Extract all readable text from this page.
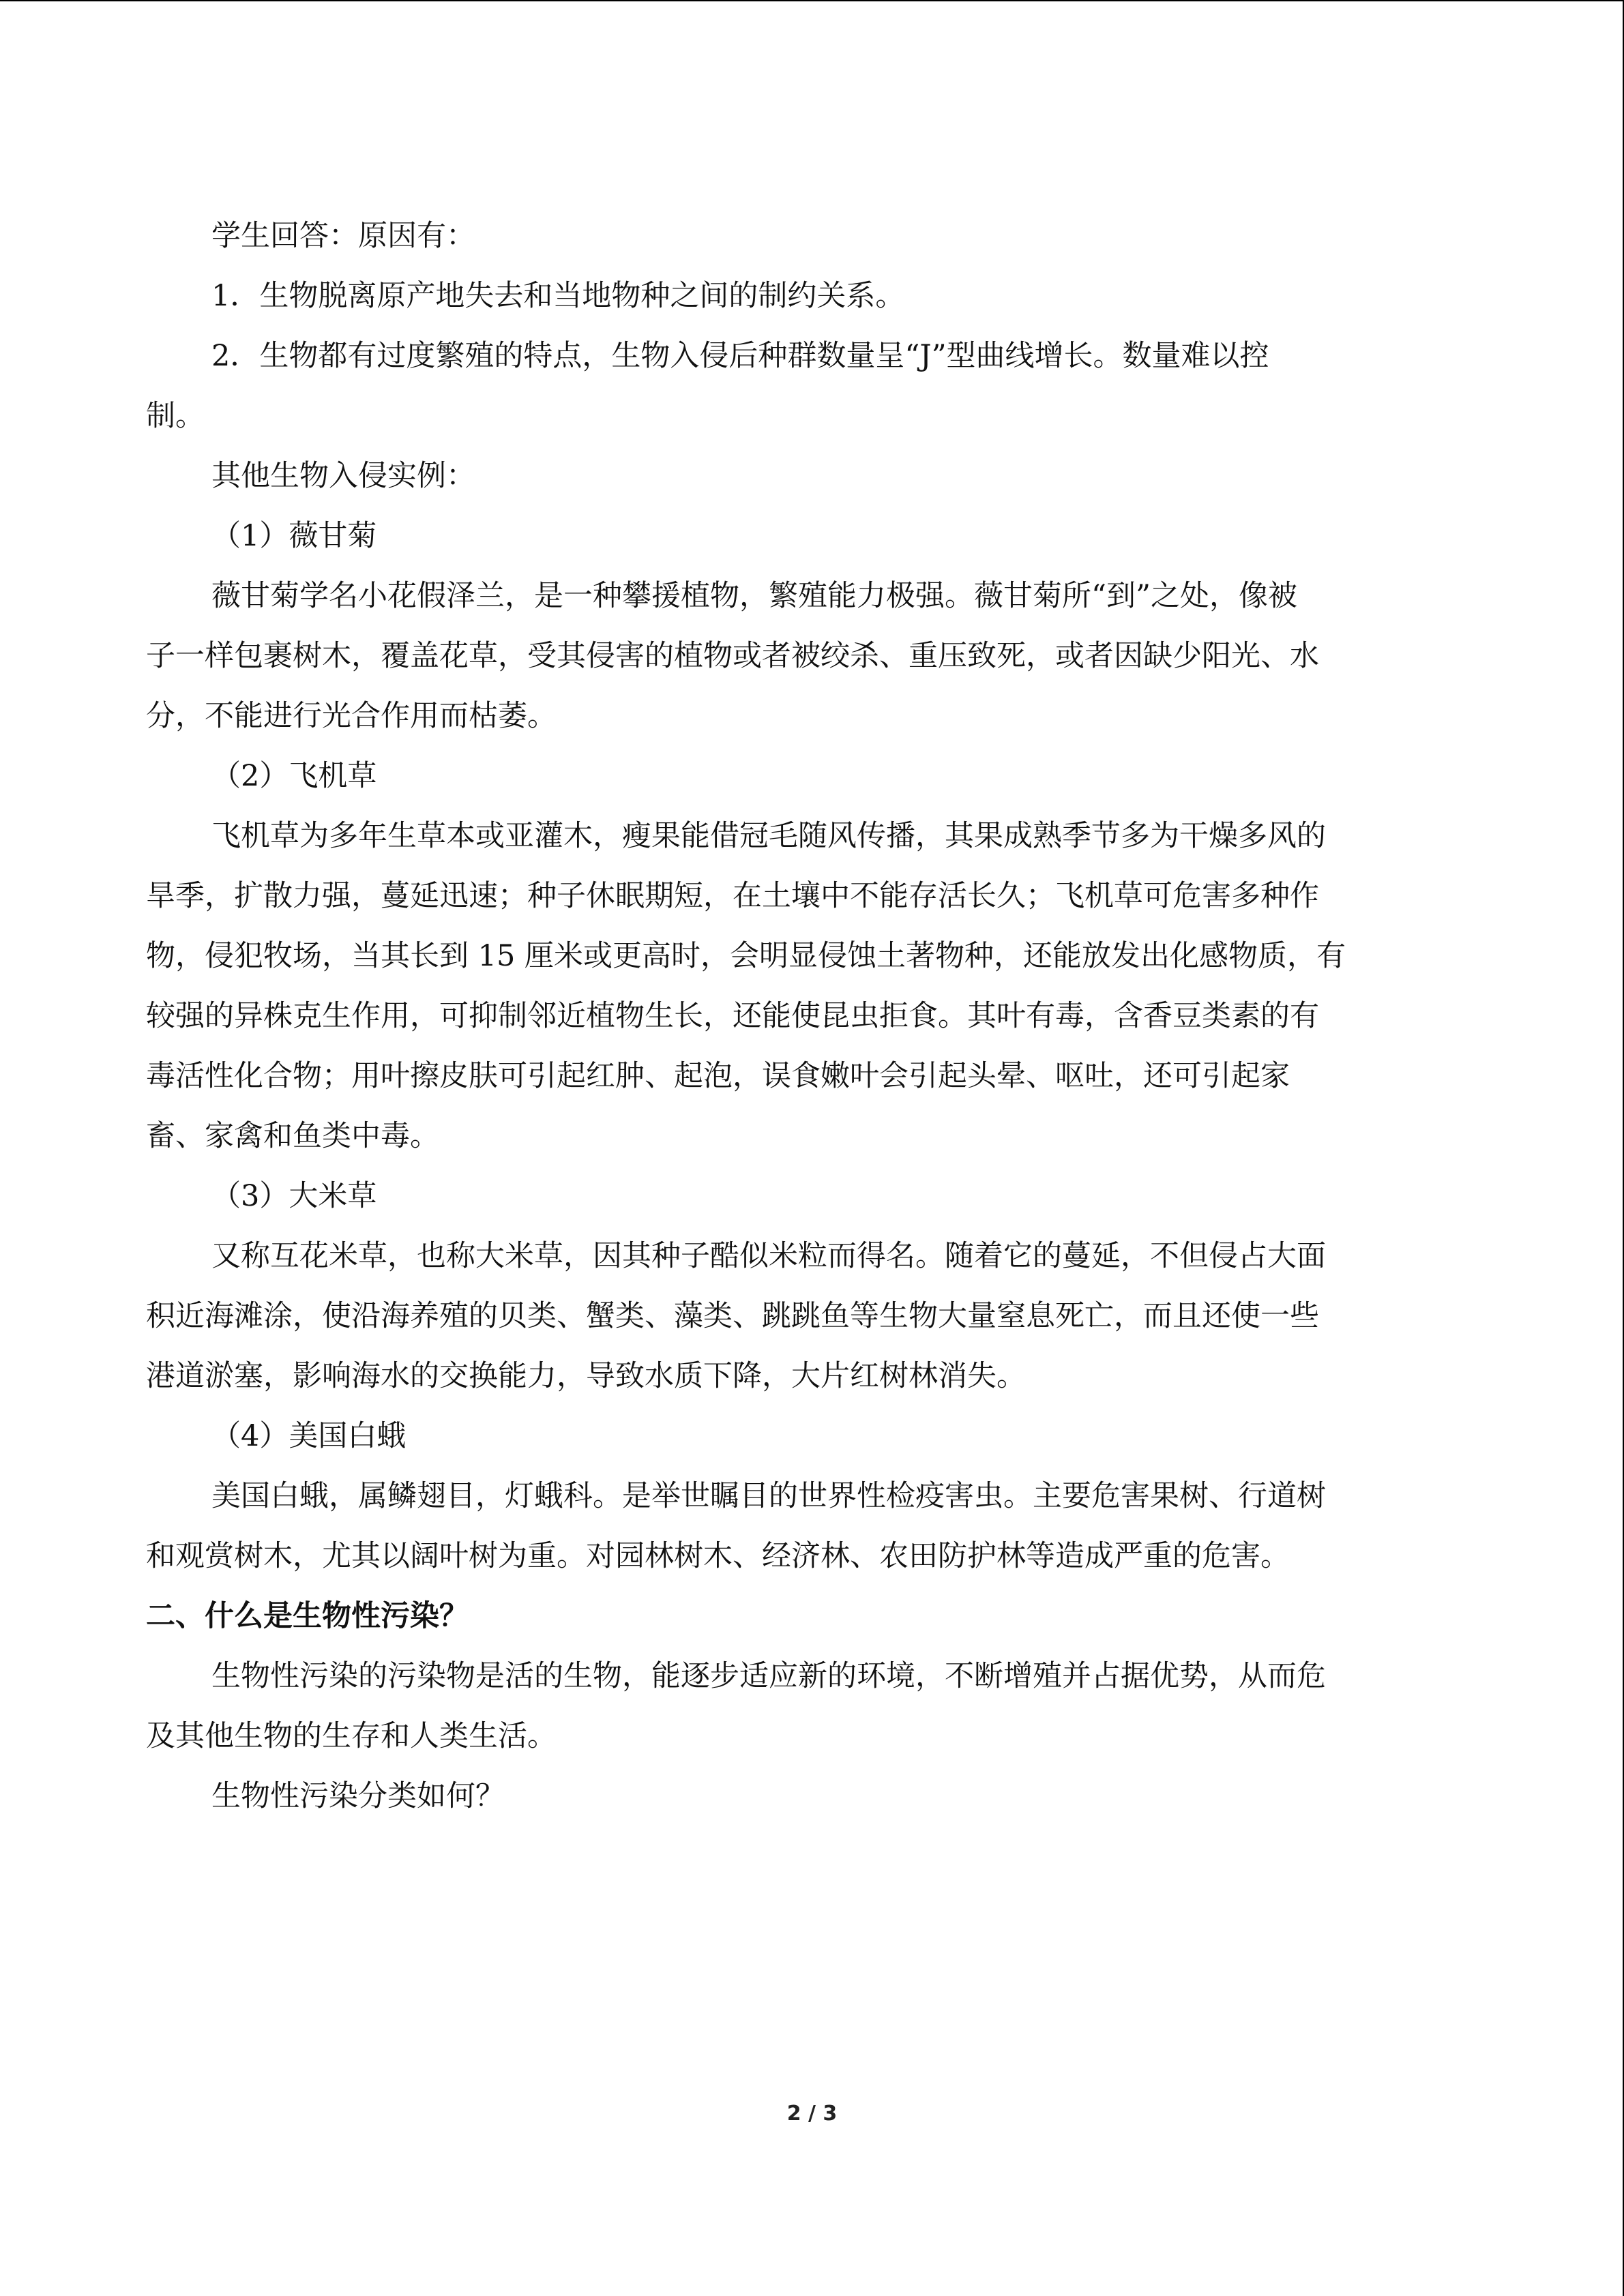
学生回答：原因有：

1．生物脱离原产地失去和当地物种之间的制约关系。

2．生物都有过度繁殖的特点，生物入侵后种群数量呈“J”型曲线增长。数量难以控

制。

其他生物入侵实例：

（1）薇甘菊

薇甘菊学名小花假泽兰，是一种攀援植物，繁殖能力极强。薇甘菊所“到”之处，像被

子一样包裹树木，覆盖花草，受其侵害的植物或者被绞杀、重压致死，或者因缺少阳光、水

分，不能进行光合作用而枯萎。

（2）飞机草

飞机草为多年生草本或亚灌木，瘦果能借冠毛随风传播，其果成熟季节多为干燥多风的

旱季，扩散力强，蔓延迅速；种子休眠期短，在土壤中不能存活长久；飞机草可危害多种作

物，侵犯牧场，当其长到 15 厘米或更高时，会明显侵蚀土著物种，还能放发出化感物质，有

较强的异株克生作用，可抑制邻近植物生长，还能使昆虫拒食。其叶有毒，含香豆类素的有

毒活性化合物；用叶擦皮肤可引起红肿、起泡，误食嫩叶会引起头晕、呕吐，还可引起家

畜、家禽和鱼类中毒。

（3）大米草

又称互花米草，也称大米草，因其种子酷似米粒而得名。随着它的蔓延，不但侵占大面

积近海滩涂，使沿海养殖的贝类、蟹类、藻类、跳跳鱼等生物大量窒息死亡，而且还使一些

港道淤塞，影响海水的交换能力，导致水质下降，大片红树林消失。

（4）美国白蛾

美国白蛾，属鳞翅目，灯蛾科。是举世瞩目的世界性检疫害虫。主要危害果树、行道树

和观赏树木，尤其以阔叶树为重。对园林树木、经济林、农田防护林等造成严重的危害。

二、什么是生物性污染？

生物性污染的污染物是活的生物，能逐步适应新的环境，不断增殖并占据优势，从而危

及其他生物的生存和人类生活。

生物性污染分类如何？

2 / 3
